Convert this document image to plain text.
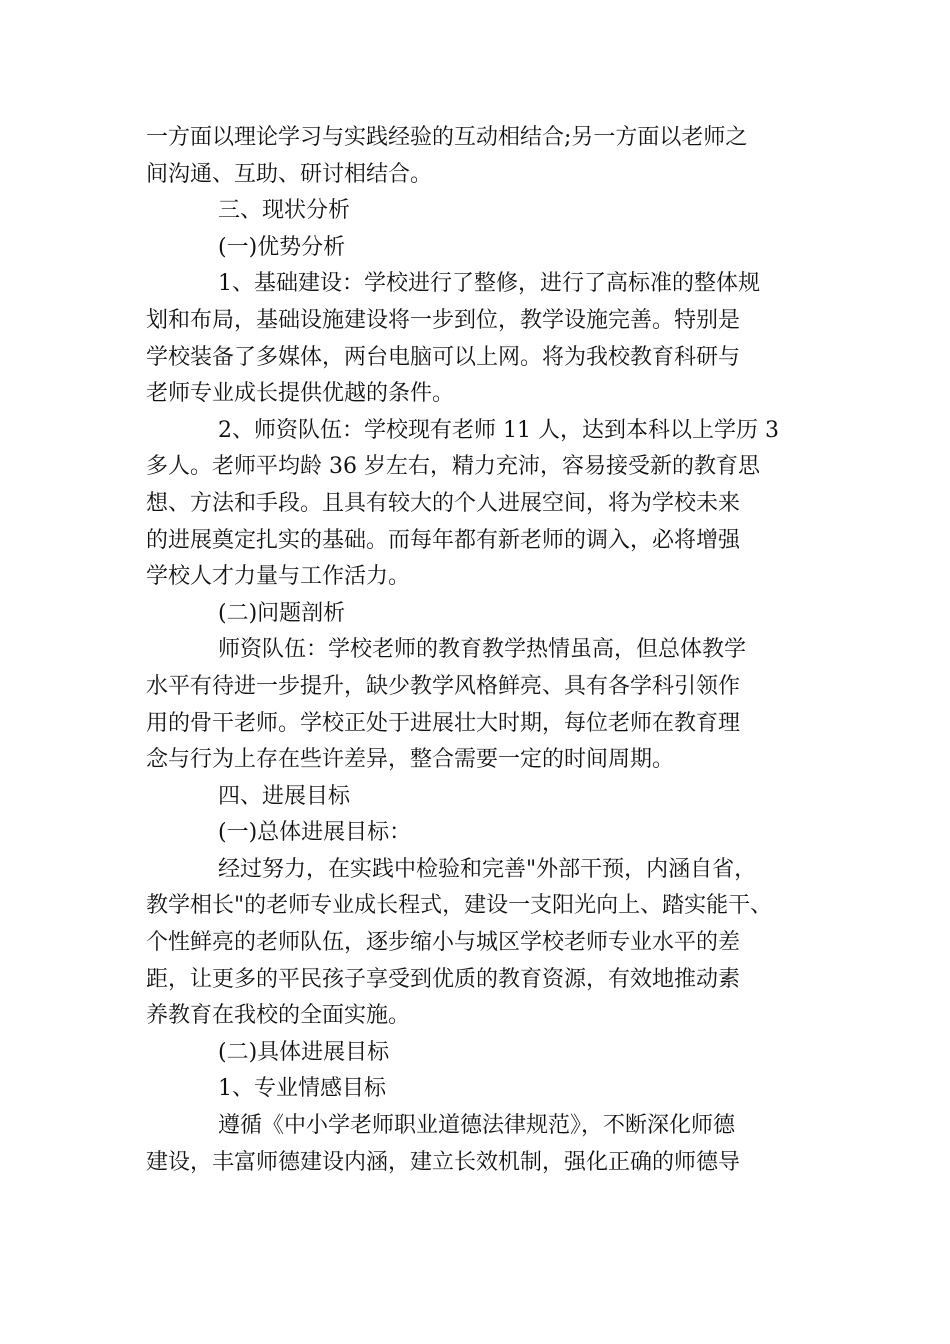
一方面以理论学习与实践经验的互动相结合;另一方面以老师之
间沟通、互助、研讨相结合。
三、现状分析
(一)优势分析
1、基础建设：学校进行了整修，进行了高标准的整体规
划和布局，基础设施建设将一步到位，教学设施完善。特别是
学校装备了多媒体，两台电脑可以上网。将为我校教育科研与
老师专业成长提供优越的条件。
2、师资队伍：学校现有老师 11 人，达到本科以上学历 3
多人。老师平均龄 36 岁左右，精力充沛，容易接受新的教育思
想、方法和手段。且具有较大的个人进展空间，将为学校未来
的进展奠定扎实的基础。而每年都有新老师的调入，必将增强
学校人才力量与工作活力。
(二)问题剖析
师资队伍：学校老师的教育教学热情虽高，但总体教学
水平有待进一步提升，缺少教学风格鲜亮、具有各学科引领作
用的骨干老师。学校正处于进展壮大时期，每位老师在教育理
念与行为上存在些许差异，整合需要一定的时间周期。
四、进展目标
(一)总体进展目标：
经过努力，在实践中检验和完善"外部干预，内涵自省，
教学相长"的老师专业成长程式，建设一支阳光向上、踏实能干、
个性鲜亮的老师队伍，逐步缩小与城区学校老师专业水平的差
距，让更多的平民孩子享受到优质的教育资源，有效地推动素
养教育在我校的全面实施。
(二)具体进展目标
1、专业情感目标
遵循《中小学老师职业道德法律规范》，不断深化师德
建设，丰富师德建设内涵，建立长效机制，强化正确的师德导
